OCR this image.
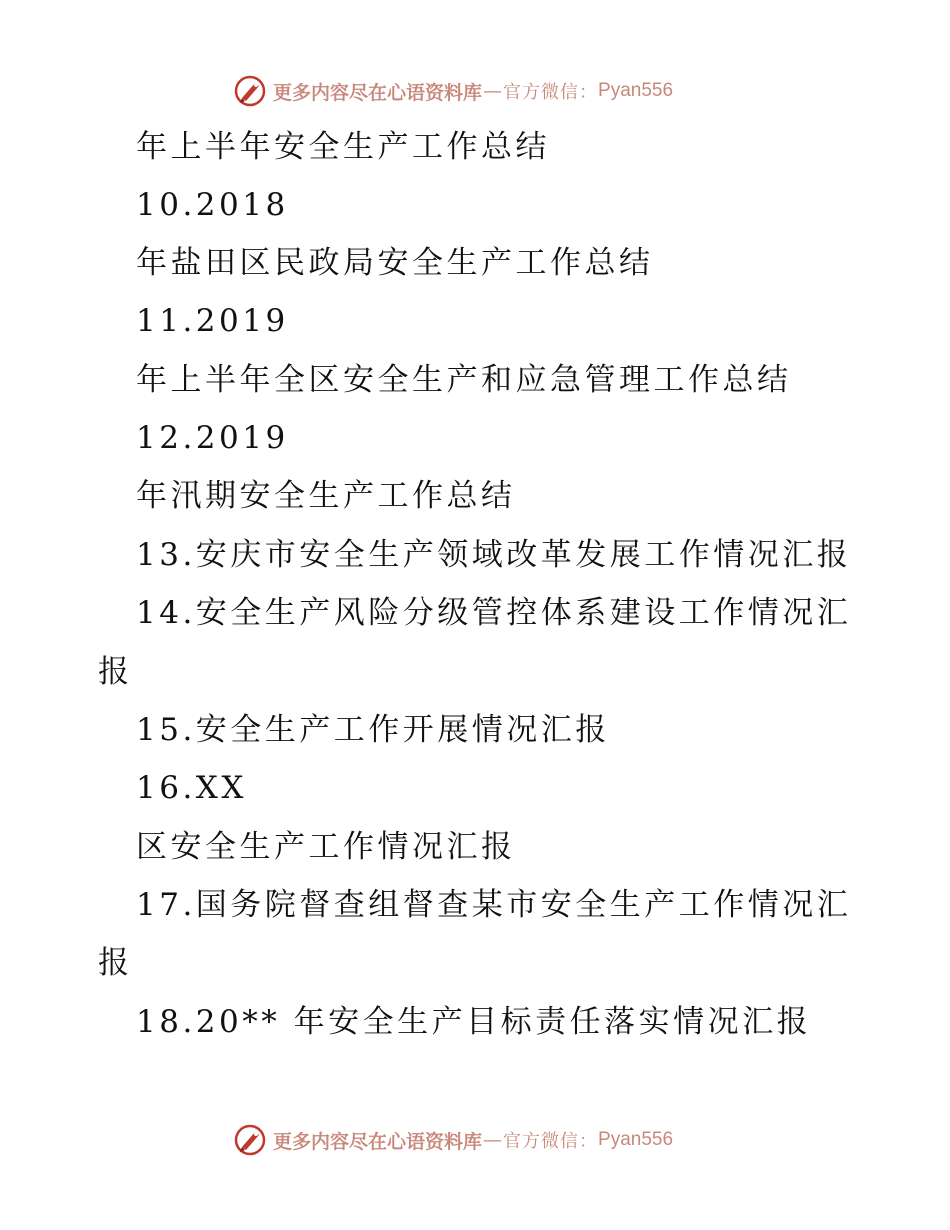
更多内容尽在心语资料库 — 官方微信： Pyan556

年上半年安全生产工作总结

10.2018

年盐田区民政局安全生产工作总结

11.2019

年上半年全区安全生产和应急管理工作总结

12.2019

年汛期安全生产工作总结

13.安庆市安全生产领域改革发展工作情况汇报

14.安全生产风险分级管控体系建设工作情况汇

报

15.安全生产工作开展情况汇报

16.XX

区安全生产工作情况汇报

17.国务院督查组督查某市安全生产工作情况汇

报

18.20** 年安全生产目标责任落实情况汇报

更多内容尽在心语资料库 — 官方微信： Pyan556
